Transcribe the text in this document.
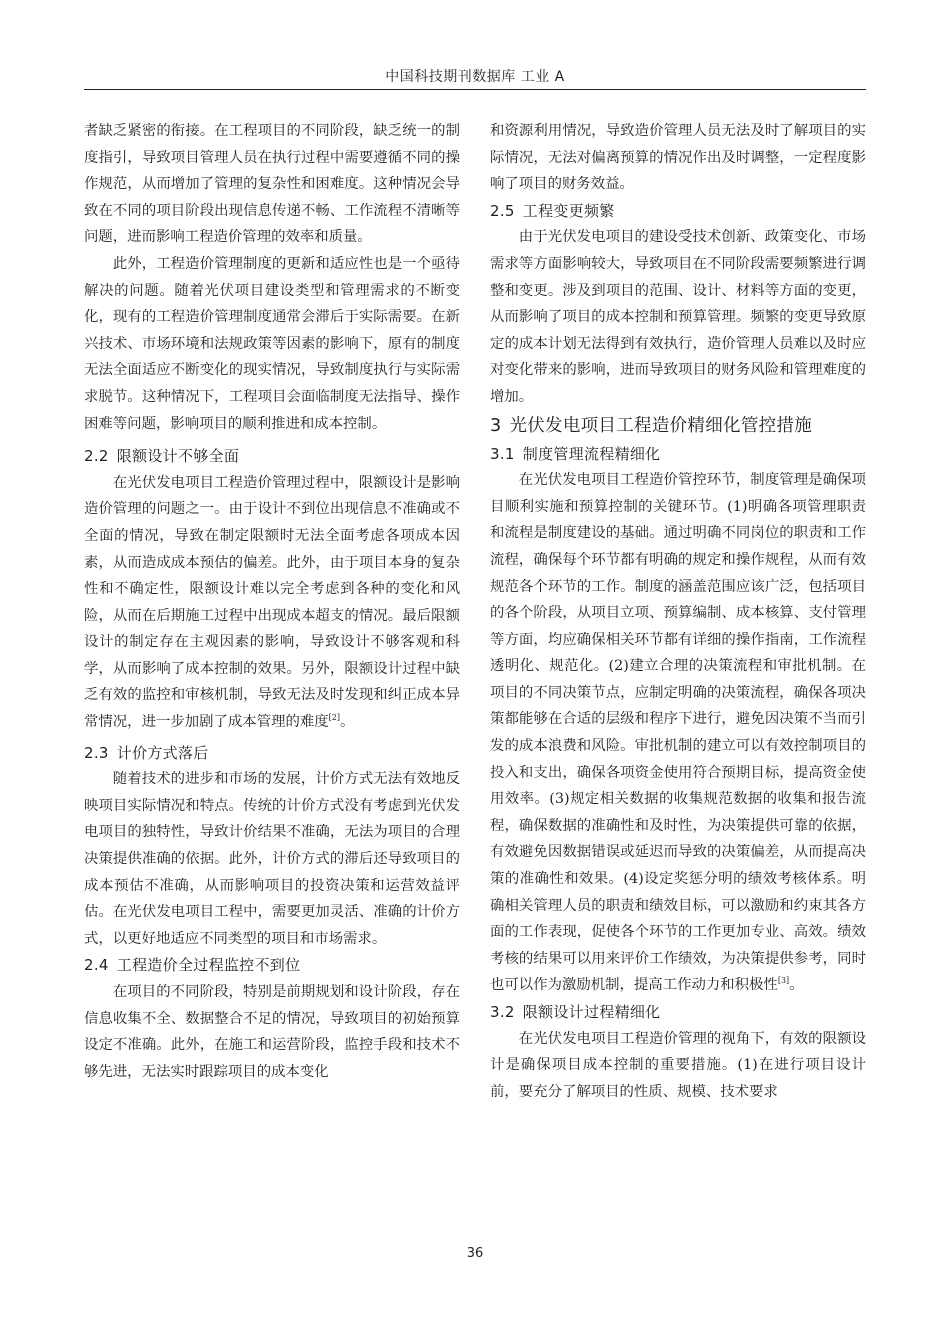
中国科技期刊数据库 工业 A

者缺乏紧密的衔接。在工程项目的不同阶段，缺乏统一的制度指引，导致项目管理人员在执行过程中需要遵循不同的操作规范，从而增加了管理的复杂性和困难度。这种情况会导致在不同的项目阶段出现信息传递不畅、工作流程不清晰等问题，进而影响工程造价管理的效率和质量。

此外，工程造价管理制度的更新和适应性也是一个亟待解决的问题。随着光伏项目建设类型和管理需求的不断变化，现有的工程造价管理制度通常会滞后于实际需要。在新兴技术、市场环境和法规政策等因素的影响下，原有的制度无法全面适应不断变化的现实情况，导致制度执行与实际需求脱节。这种情况下，工程项目会面临制度无法指导、操作困难等问题，影响项目的顺利推进和成本控制。

2.2 限额设计不够全面

在光伏发电项目工程造价管理过程中，限额设计是影响造价管理的问题之一。由于设计不到位出现信息不准确或不全面的情况，导致在制定限额时无法全面考虑各项成本因素，从而造成成本预估的偏差。此外，由于项目本身的复杂性和不确定性，限额设计难以完全考虑到各种的变化和风险，从而在后期施工过程中出现成本超支的情况。最后限额设计的制定存在主观因素的影响，导致设计不够客观和科学，从而影响了成本控制的效果。另外，限额设计过程中缺乏有效的监控和审核机制，导致无法及时发现和纠正成本异常情况，进一步加剧了成本管理的难度[2]。

2.3 计价方式落后

随着技术的进步和市场的发展，计价方式无法有效地反映项目实际情况和特点。传统的计价方式没有考虑到光伏发电项目的独特性，导致计价结果不准确，无法为项目的合理决策提供准确的依据。此外，计价方式的滞后还导致项目的成本预估不准确，从而影响项目的投资决策和运营效益评估。在光伏发电项目工程中，需要更加灵活、准确的计价方式，以更好地适应不同类型的项目和市场需求。

2.4 工程造价全过程监控不到位

在项目的不同阶段，特别是前期规划和设计阶段，存在信息收集不全、数据整合不足的情况，导致项目的初始预算设定不准确。此外，在施工和运营阶段，监控手段和技术不够先进，无法实时跟踪项目的成本变化

和资源利用情况，导致造价管理人员无法及时了解项目的实际情况，无法对偏离预算的情况作出及时调整，一定程度影响了项目的财务效益。

2.5 工程变更频繁

由于光伏发电项目的建设受技术创新、政策变化、市场需求等方面影响较大，导致项目在不同阶段需要频繁进行调整和变更。涉及到项目的范围、设计、材料等方面的变更，从而影响了项目的成本控制和预算管理。频繁的变更导致原定的成本计划无法得到有效执行，造价管理人员难以及时应对变化带来的影响，进而导致项目的财务风险和管理难度的增加。

3 光伏发电项目工程造价精细化管控措施
3.1 制度管理流程精细化

在光伏发电项目工程造价管控环节，制度管理是确保项目顺利实施和预算控制的关键环节。(1)明确各项管理职责和流程是制度建设的基础。通过明确不同岗位的职责和工作流程，确保每个环节都有明确的规定和操作规程，从而有效规范各个环节的工作。制度的涵盖范围应该广泛，包括项目的各个阶段，从项目立项、预算编制、成本核算、支付管理等方面，均应确保相关环节都有详细的操作指南，工作流程透明化、规范化。(2)建立合理的决策流程和审批机制。在项目的不同决策节点，应制定明确的决策流程，确保各项决策都能够在合适的层级和程序下进行，避免因决策不当而引发的成本浪费和风险。审批机制的建立可以有效控制项目的投入和支出，确保各项资金使用符合预期目标，提高资金使用效率。(3)规定相关数据的收集规范数据的收集和报告流程，确保数据的准确性和及时性，为决策提供可靠的依据，有效避免因数据错误或延迟而导致的决策偏差，从而提高决策的准确性和效果。(4)设定奖惩分明的绩效考核体系。明确相关管理人员的职责和绩效目标，可以激励和约束其各方面的工作表现，促使各个环节的工作更加专业、高效。绩效考核的结果可以用来评价工作绩效，为决策提供参考，同时也可以作为激励机制，提高工作动力和积极性[3]。

3.2 限额设计过程精细化

在光伏发电项目工程造价管理的视角下，有效的限额设计是确保项目成本控制的重要措施。(1)在进行项目设计前，要充分了解项目的性质、规模、技术要求

36
